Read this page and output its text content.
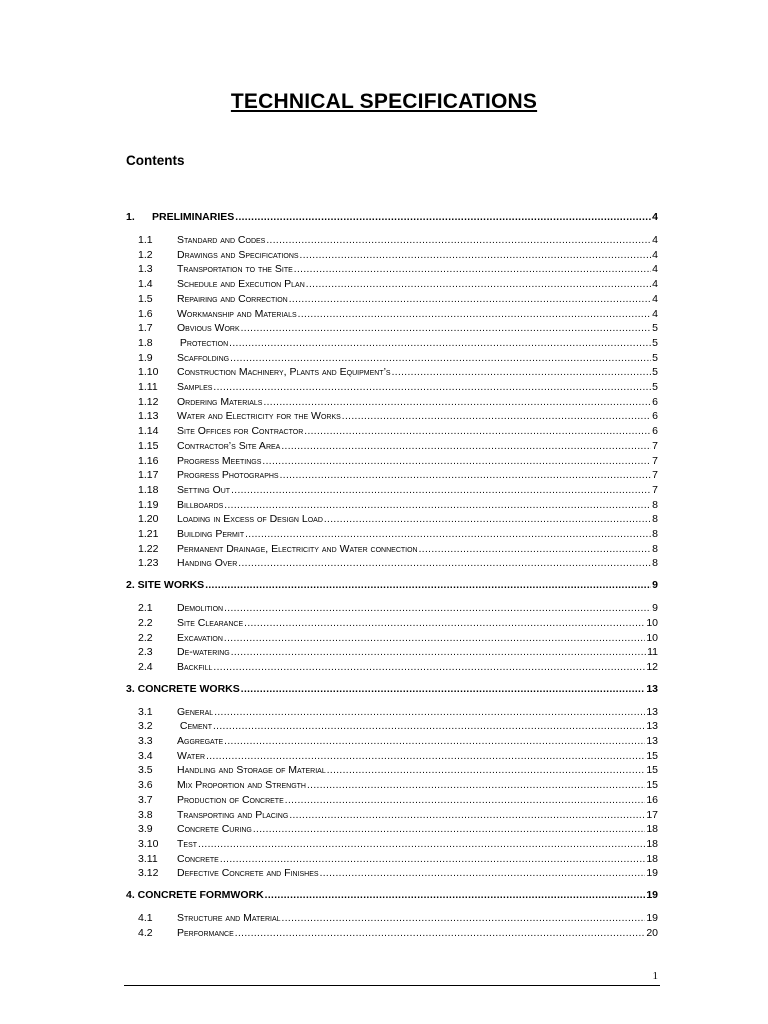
TECHNICAL SPECIFICATIONS
Contents
1.	PRELIMINARIES .....	4
1.1	Standard and Codes .....	4
1.2	Drawings and Specifications .....	4
1.3	Transportation to the Site .....	4
1.4	Schedule and Execution Plan .....	4
1.5	Repairing and Correction .....	4
1.6	Workmanship and Materials .....	4
1.7	Obvious Work .....	5
1.8	Protection .....	5
1.9	Scaffolding .....	5
1.10	Construction Machinery, Plants and Equipment’s .....	5
1.11	Samples .....	5
1.12	Ordering Materials .....	6
1.13	Water and Electricity for the Works .....	6
1.14	Site Offices for Contractor .....	6
1.15	Contractor’s Site Area .....	7
1.16	Progress Meetings .....	7
1.17	Progress Photographs .....	7
1.18	Setting Out .....	7
1.19	Billboards .....	8
1.20	Loading in Excess of Design Load .....	8
1.21	Building Permit .....	8
1.22	Permanent Drainage, Electricity and Water connection .....	8
1.23	Handing Over .....	8
2. SITE WORKS .....	9
2.1	Demolition .....	9
2.2	Site Clearance .....	10
2.2	Excavation .....	10
2.3	De-watering .....	11
2.4	Backfill .....	12
3. CONCRETE WORKS .....	13
3.1	General .....	13
3.2	Cement .....	13
3.3	Aggregate .....	13
3.4	Water .....	15
3.5	Handling and Storage of Material .....	15
3.6	Mix Proportion and Strength .....	15
3.7	Production of Concrete .....	16
3.8	Transporting and Placing .....	17
3.9	Concrete Curing .....	18
3.10	Test .....	18
3.11	Concrete .....	18
3.12	Defective Concrete and Finishes .....	19
4. CONCRETE FORMWORK .....	19
4.1	Structure and Material .....	19
4.2	Performance .....	20
1
